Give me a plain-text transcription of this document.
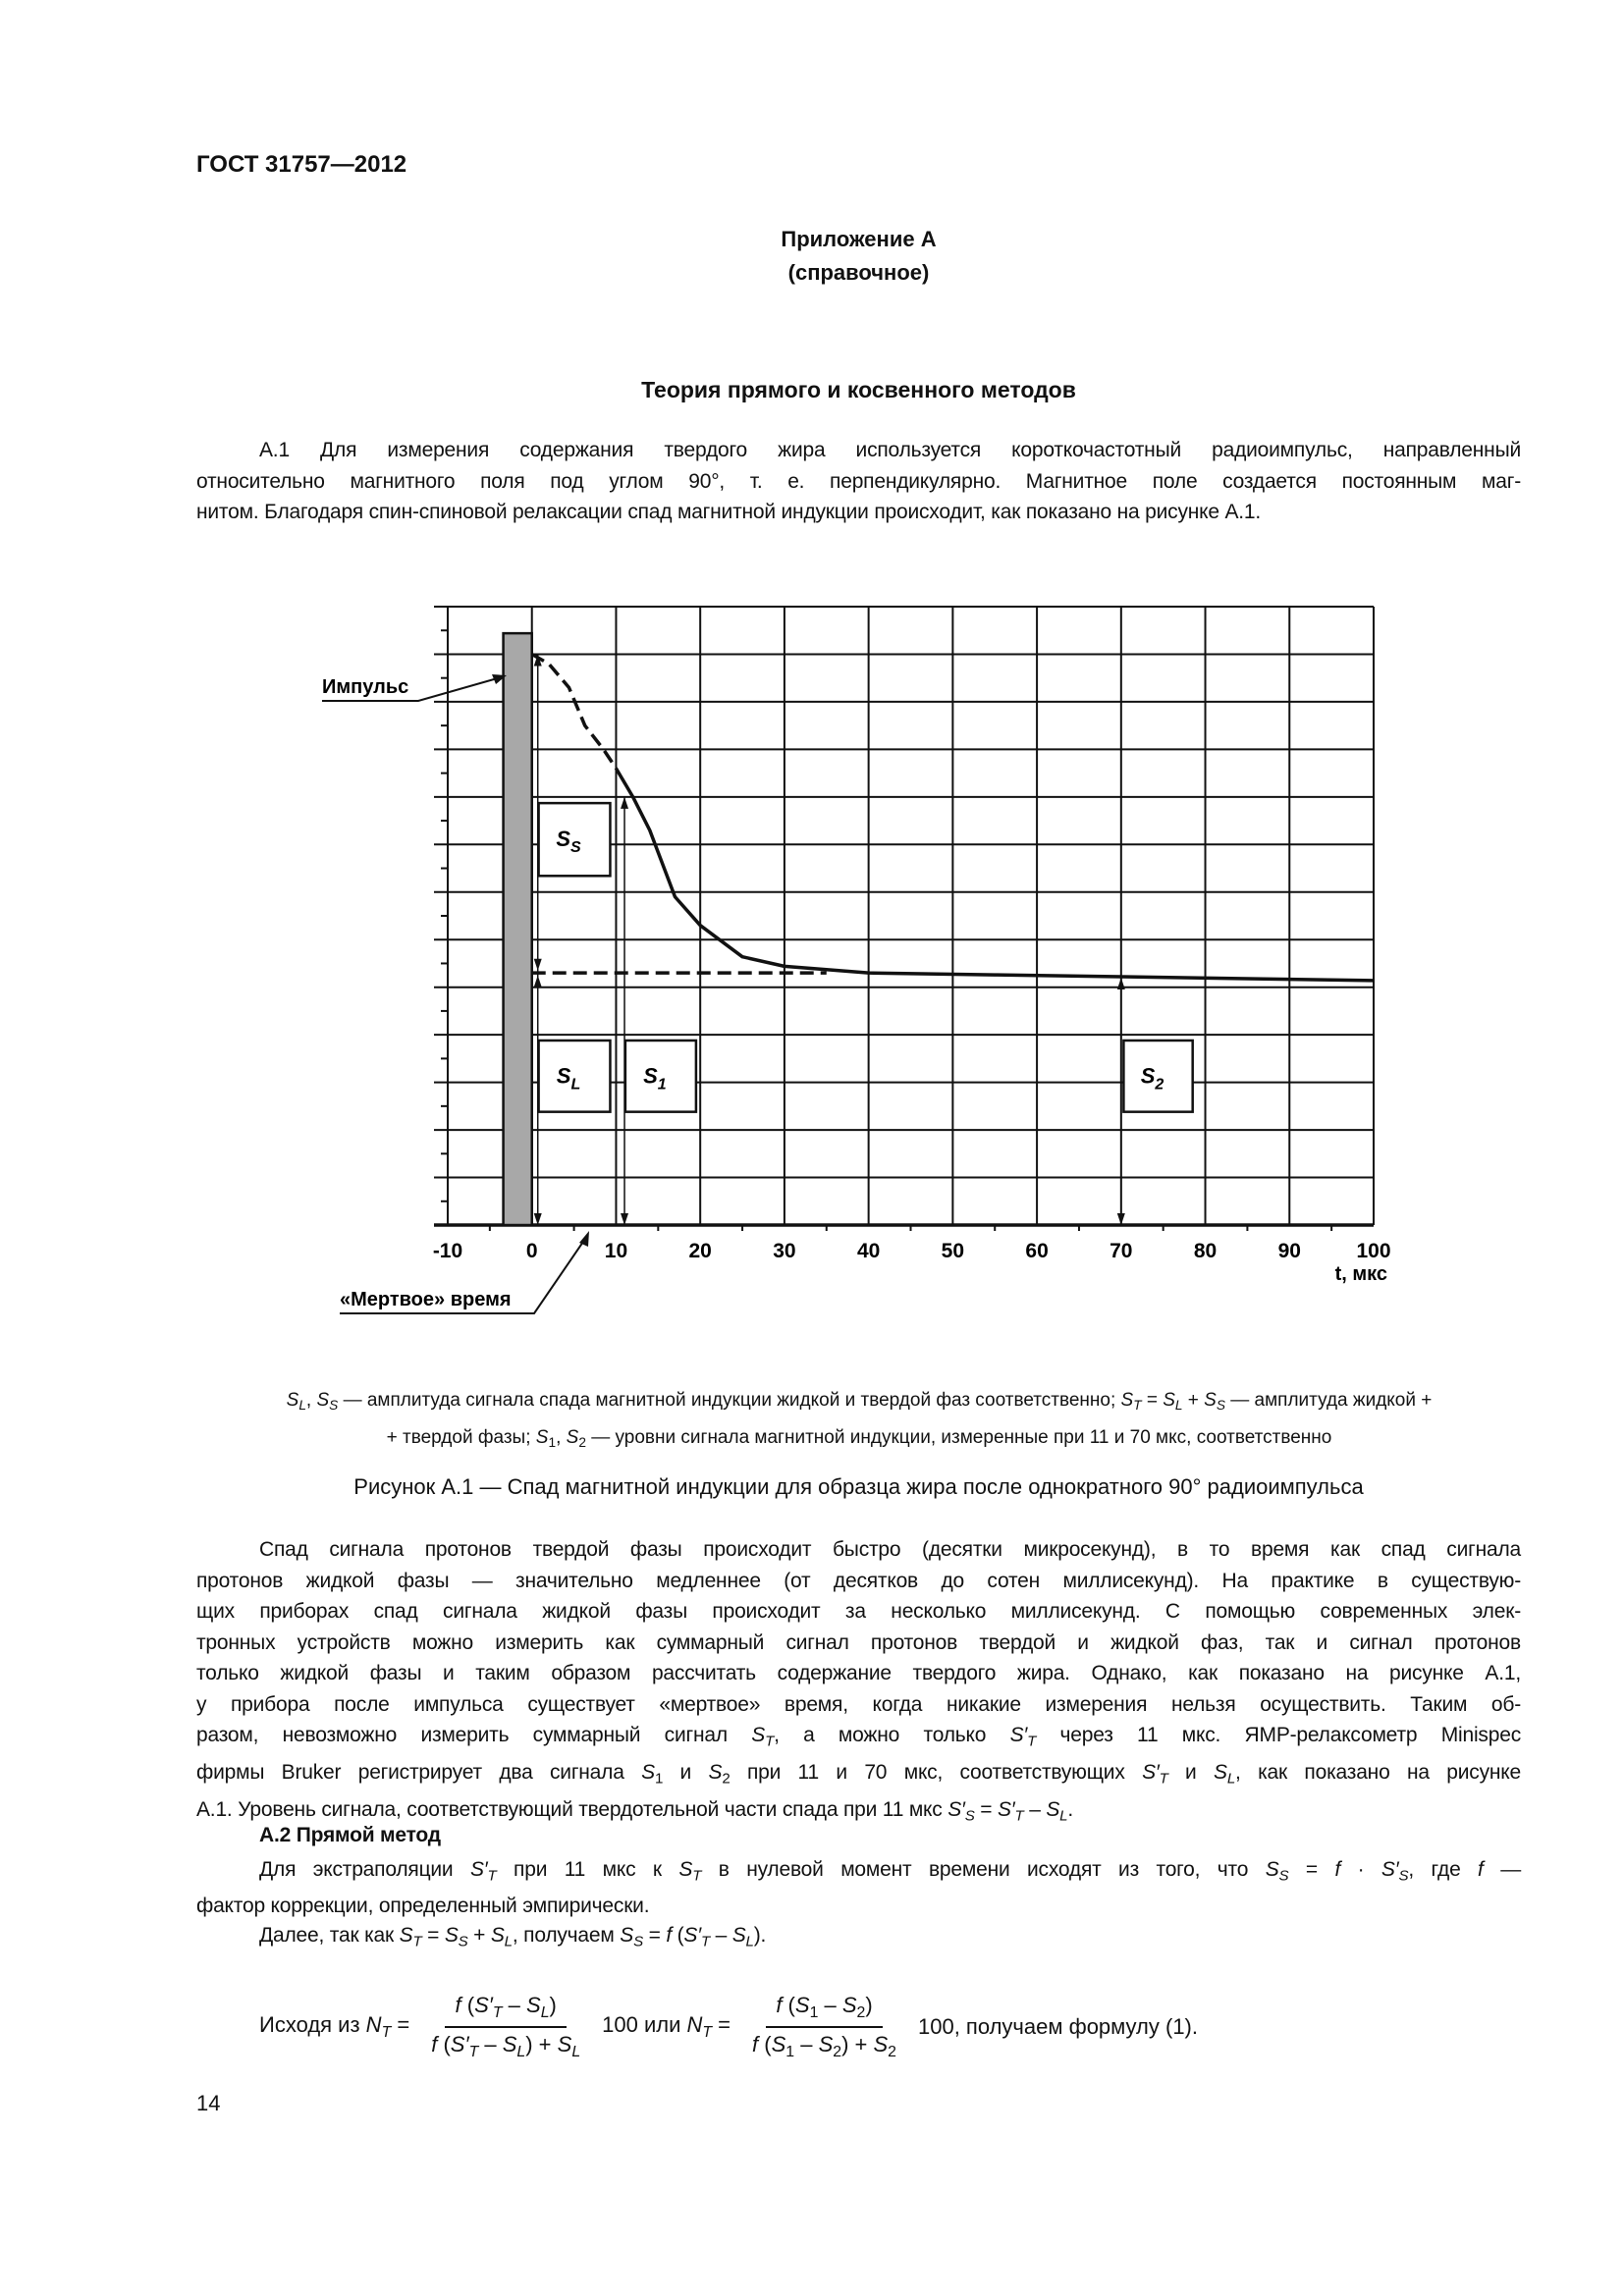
ГОСТ 31757—2012
Приложение А
(справочное)
Теория прямого и косвенного методов
А.1 Для измерения содержания твердого жира используется короткочастотный радиоимпульс, направленный
относительно магнитного поля под углом 90°, т. е. перпендикулярно. Магнитное поле создается постоянным маг-
нитом. Благодаря спин-спиновой релаксации спад магнитной индукции происходит, как показано на рисунке А.1.
-10	0	10	20	30	40	50	60	70	80	90	100
$S_S$
$S_L$	$S_1$	$S_2$
Импульс
«Мертвое» время
t, мкс
$S_L$, $S_S$ — амплитуда сигнала спада магнитной индукции жидкой и твердой фаз соответственно; $S_T = S_L + S_S$ — амплитуда жидкой +
+ твердой фазы; $S_1$, $S_2$ — уровни сигнала магнитной индукции, измеренные при 11 и 70 мкс, соответственно
Рисунок А.1 — Спад магнитной индукции для образца жира после однократного 90° радиоимпульса
Спад сигнала протонов твердой фазы происходит быстро (десятки микросекунд), в то время как спад сигнала
протонов жидкой фазы — значительно медленнее (от десятков до сотен миллисекунд). На практике в существую-
щих приборах спад сигнала жидкой фазы происходит за несколько миллисекунд. С помощью современных элек-
тронных устройств можно измерить как суммарный сигнал протонов твердой и жидкой фаз, так и сигнал протонов
только жидкой фазы и таким образом рассчитать содержание твердого жира. Однако, как показано на рисунке А.1,
у прибора после импульса существует «мертвое» время, когда никакие измерения нельзя осуществить. Таким об-
разом, невозможно измерить суммарный сигнал $S_T$, а можно только $S'_T$ через 11 мкс. ЯМР-релаксометр Minispec
фирмы Bruker регистрирует два сигнала $S_1$ и $S_2$ при 11 и 70 мкс, соответствующих $S'_T$ и $S_L$, как показано на рисунке
А.1. Уровень сигнала, соответствующий твердотельной части спада при 11 мкс $S'_S = S'_T - S_L$.
А.2 Прямой метод
Для экстраполяции $S'_T$ при 11 мкс к $S_T$ в нулевой момент времени исходят из того, что $S_S = f \cdot S'_S$, где f —
фактор коррекции, определенный эмпирически.
Далее, так как $S_T = S_S + S_L$, получаем $S_S = f$ $(S'_T - S_L)$.
Исходя из $N_T = \frac{f (S'_T - S_L)}{f (S'_T - S_L) + S_L} 100$ или $N_T = \frac{f (S_1 - S_2)}{f (S_1 - S_2) + S_2} 100$, получаем формулу (1).
14
